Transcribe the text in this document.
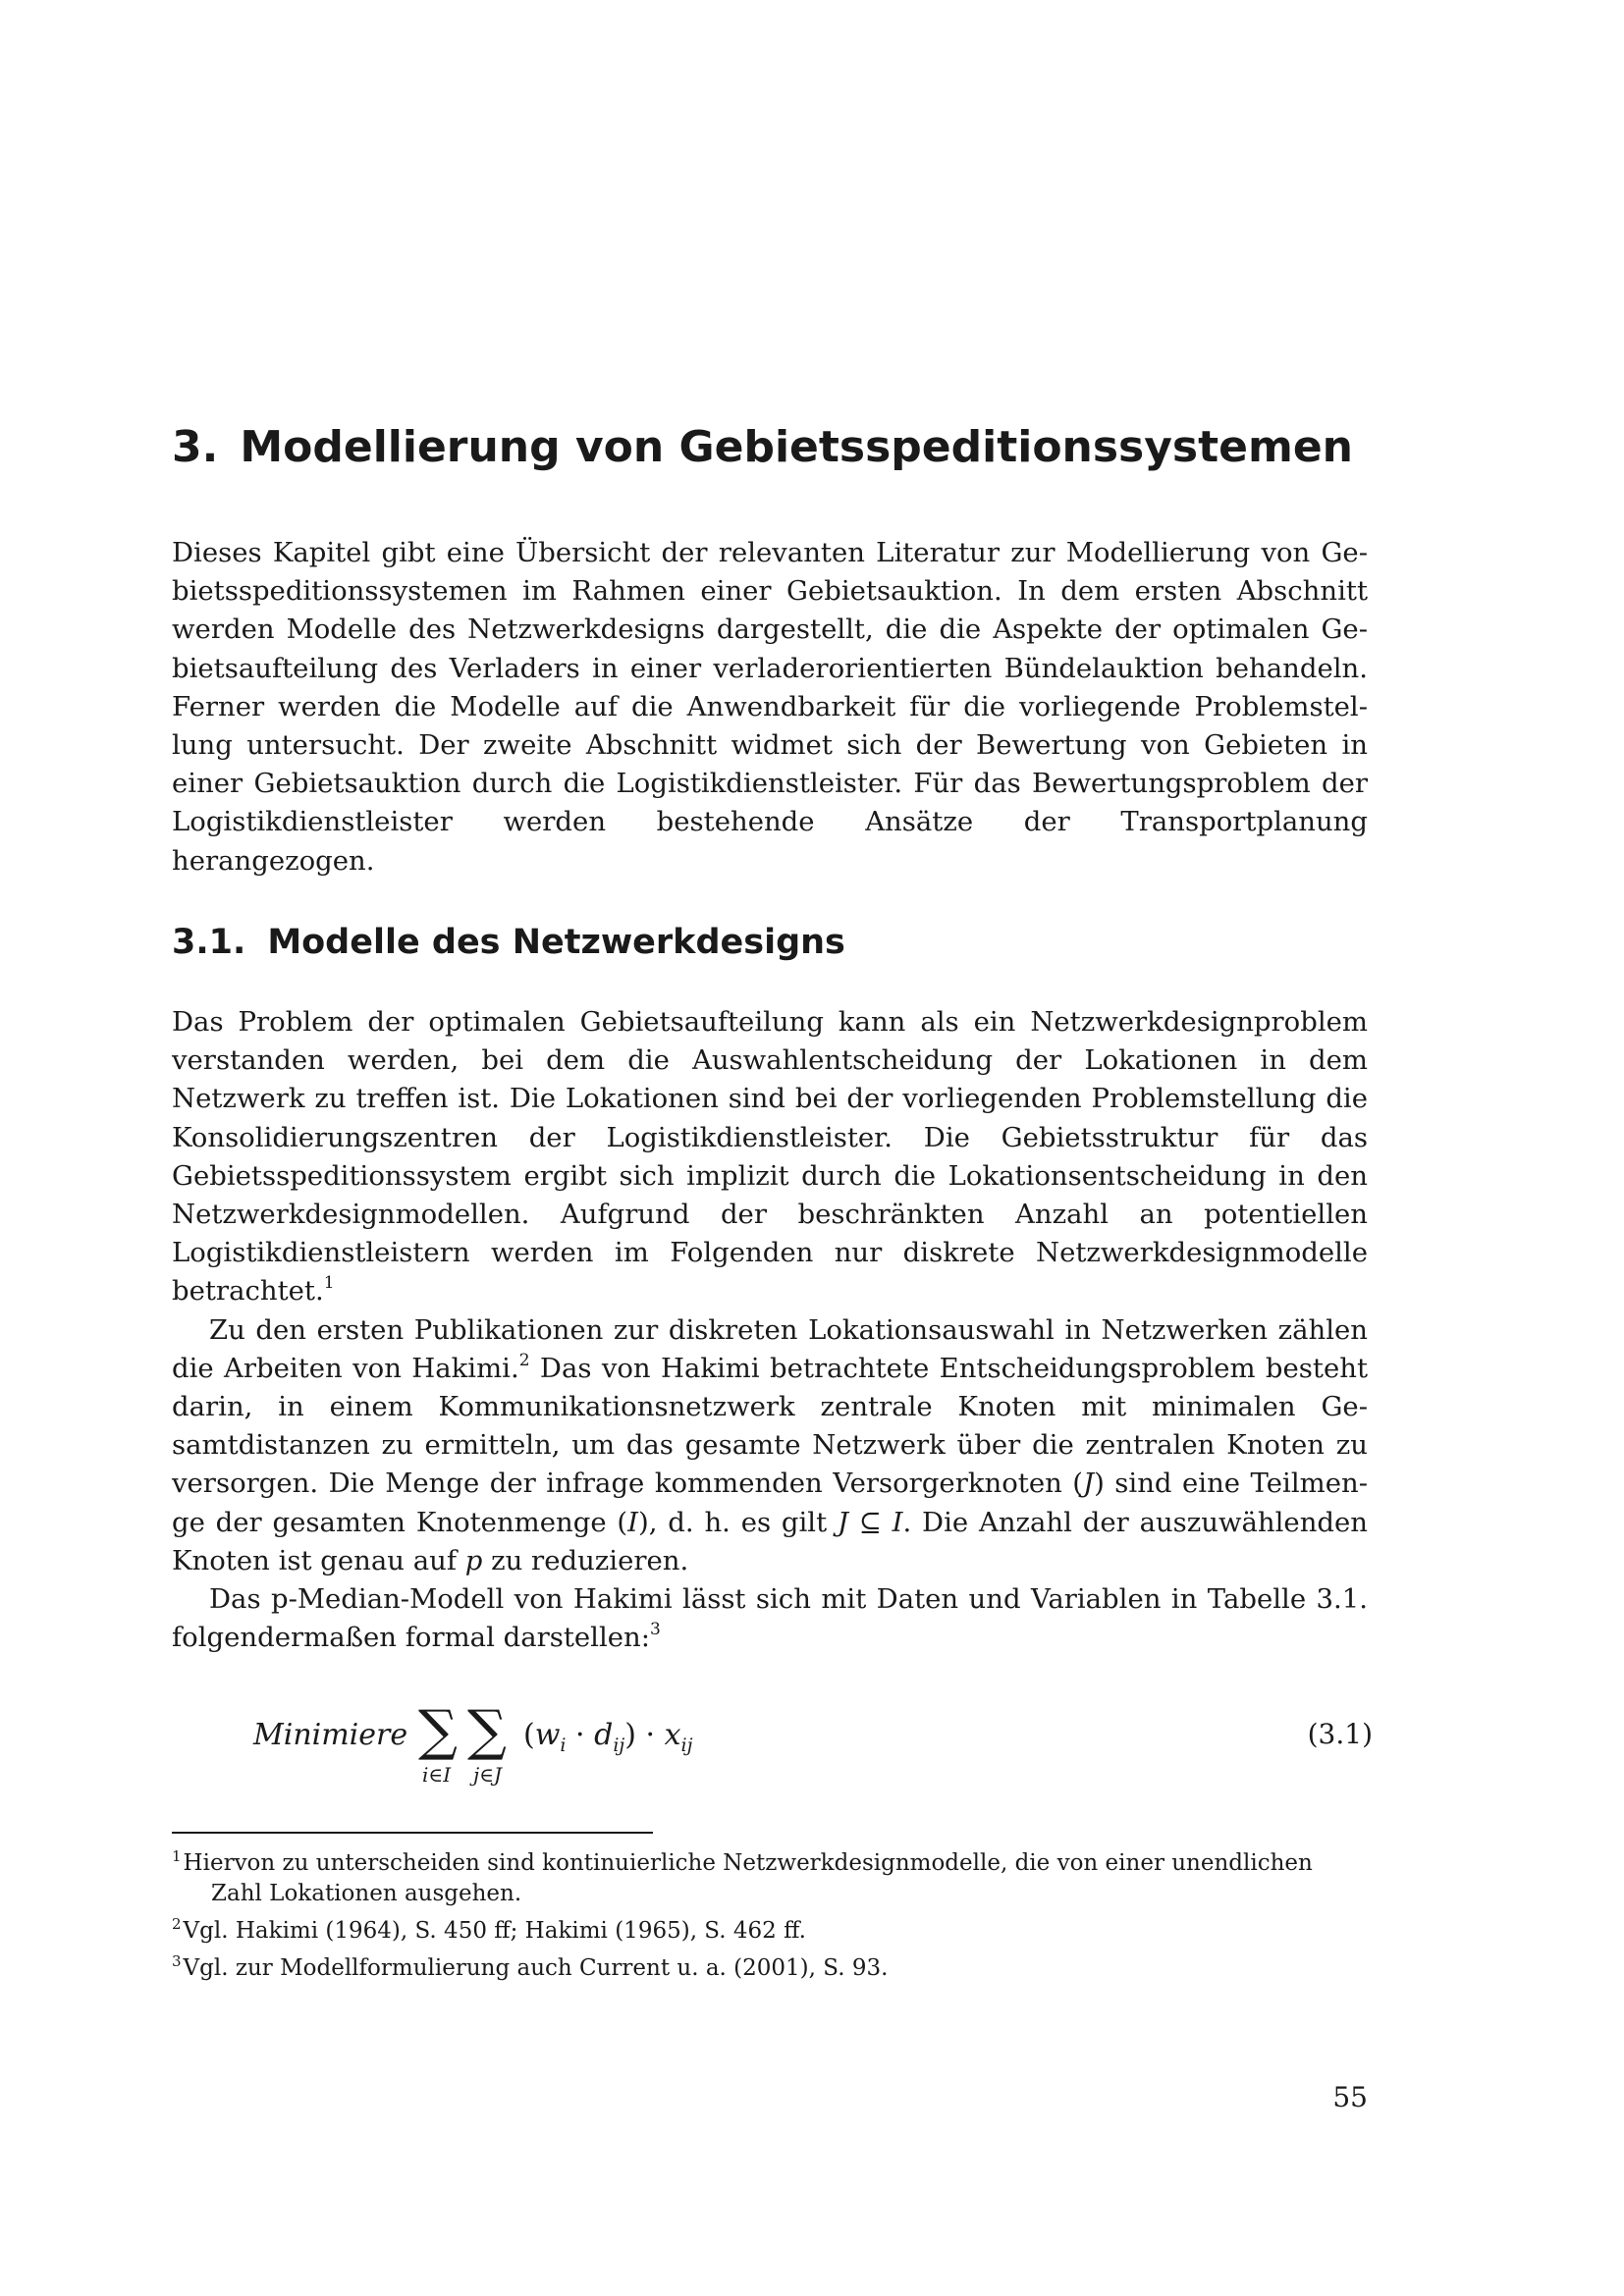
3. Modellierung von Gebietsspeditionssystemen

Dieses Kapitel gibt eine Übersicht der relevanten Literatur zur Modellierung von Gebietsspeditionssystemen im Rahmen einer Gebietsauktion. In dem ersten Abschnitt werden Modelle des Netzwerkdesigns dargestellt, die die Aspekte der optimalen Gebietsaufteilung des Verladers in einer verladerorientierten Bündelauktion behandeln. Ferner werden die Modelle auf die Anwendbarkeit für die vorliegende Problemstellung untersucht. Der zweite Abschnitt widmet sich der Bewertung von Gebieten in einer Gebietsauktion durch die Logistikdienstleister. Für das Bewertungsproblem der Logistikdienstleister werden bestehende Ansätze der Transportplanung herangezogen.

3.1. Modelle des Netzwerkdesigns

Das Problem der optimalen Gebietsaufteilung kann als ein Netzwerkdesignproblem verstanden werden, bei dem die Auswahlentscheidung der Lokationen in dem Netzwerk zu treffen ist. Die Lokationen sind bei der vorliegenden Problemstellung die Konsolidierungszentren der Logistikdienstleister. Die Gebietsstruktur für das Gebietsspeditionssystem ergibt sich implizit durch die Lokationsentscheidung in den Netzwerkdesignmodellen. Aufgrund der beschränkten Anzahl an potentiellen Logistikdienstleistern werden im Folgenden nur diskrete Netzwerkdesignmodelle betrachtet.$^1$

Zu den ersten Publikationen zur diskreten Lokationsauswahl in Netzwerken zählen die Arbeiten von Hakimi.$^2$ Das von Hakimi betrachtete Entscheidungsproblem besteht darin, in einem Kommunikationsnetzwerk zentrale Knoten mit minimalen Gesamtdistanzen zu ermitteln, um das gesamte Netzwerk über die zentralen Knoten zu versorgen. Die Menge der infrage kommenden Versorgerknoten (J) sind eine Teilmenge der gesamten Knotenmenge (I), d. h. es gilt J ⊆ I. Die Anzahl der auszuwählenden Knoten ist genau auf p zu reduzieren.

Das p-Median-Modell von Hakimi lässt sich mit Daten und Variablen in Tabelle 3.1. folgendermaßen formal darstellen:$^3$

Minimiere ∑
i∈I
∑
j∈J
$(w_i \cdot d_{ij}) \cdot x_{ij}$	(3.1)

$^1$Hiervon zu unterscheiden sind kontinuierliche Netzwerkdesignmodelle, die von einer unendlichen

Zahl Lokationen ausgehen.

$^2$Vgl. Hakimi (1964), S. 450 ff; Hakimi (1965), S. 462 ff.

$^3$Vgl. zur Modellformulierung auch Current u. a. (2001), S. 93.

55
